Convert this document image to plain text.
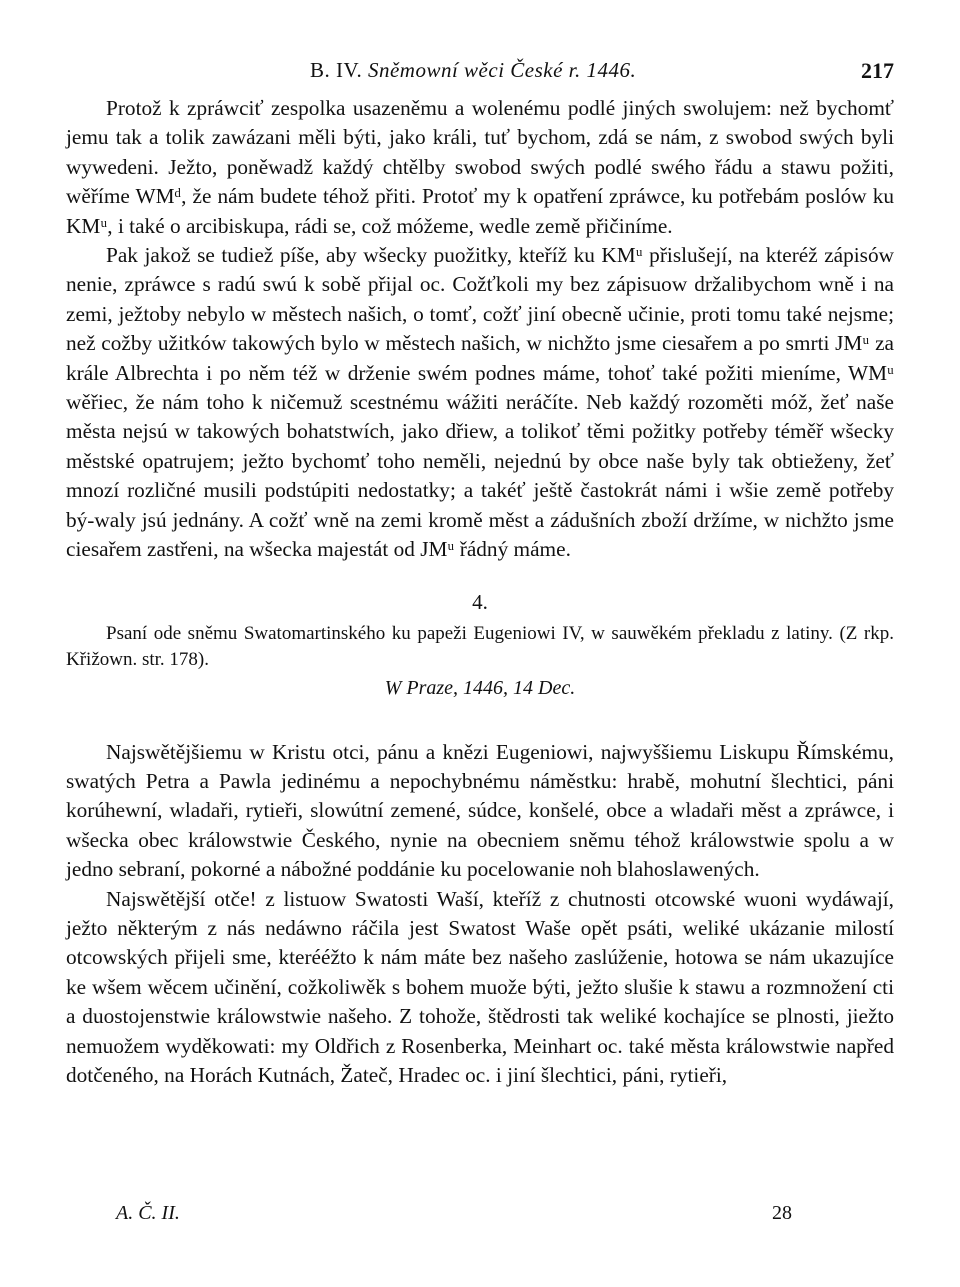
B. IV. Sněmowní wěci České r. 1446.	217

Protož k zpráwciť zespolka usazeněmu a wolenému podlé jiných swolujem: než bychomť jemu tak a tolik zawázani měli býti, jako králi, tuť bychom, zdá se nám, z swobod swých byli wywedeni. Ježto, poněwadž každý chtělby swobod swých podlé swého řádu a stawu požiti, wěříme WMᵈ, že nám budete téhož přiti. Protoť my k opatření zpráwce, ku potřebám poslów ku KMᵘ, i také o arcibiskupa, rádi se, což móžeme, wedle země přičiníme.

Pak jakož se tudiež píše, aby wšecky puožitky, kteříž ku KMᵘ přislušejí, na kteréž zápisów nenie, zpráwce s radú swú k sobě přijal oc. Cožťkoli my bez zápisuow držalibychom wně i na zemi, ježtoby nebylo w městech našich, o tomť, cožť jiní obecně učinie, proti tomu také nejsme; než cožby užitków takowých bylo w městech našich, w nichžto jsme ciesařem a po smrti JMᵘ za krále Albrechta i po něm též w drženie swém podnes máme, tohoť také požiti mieníme, WMᵘ wěřiec, že nám toho k ničemuž scestnému wážiti neráčíte. Neb každý rozoměti móž, žeť naše města nejsú w takowých bohatstwích, jako dřiew, a tolikoť těmi požitky potřeby téměř wšecky městské opatrujem; ježto bychomť toho neměli, nejednú by obce naše byly tak obtieženy, žeť mnozí rozličné musili podstúpiti nedostatky; a takéť ještě častokrát námi i wšie země potřeby bý-waly jsú jednány. A cožť wně na zemi kromě měst a zádušních zboží držíme, w nichžto jsme ciesařem zastřeni, na wšecka majestát od JMᵘ řádný máme.

4.

Psaní ode sněmu Swatomartinského ku papeži Eugeniowi IV, w sauwěkém překladu z latiny. (Z rkp. Křižown. str. 178).

W Praze, 1446, 14 Dec.

Najswětějšiemu w Kristu otci, pánu a knězi Eugeniowi, najwyššiemu Liskupu Římskému, swatých Petra a Pawla jedinému a nepochybnému náměstku: hrabě, mohutní šlechtici, páni korúhewní, wladaři, rytieři, slowútní zemené, súdce, konšelé, obce a wladaři měst a zpráwce, i wšecka obec králowstwie Českého, nynie na obecniem sněmu téhož králowstwie spolu a w jedno sebraní, pokorné a nábožné poddánie ku pocelowanie noh blahoslawených.

Najswětější otče! z listuow Swatosti Waší, kteříž z chutnosti otcowské wuoni wydáwají, ježto některým z nás nedáwno ráčila jest Swatost Waše opět psáti, weliké ukázanie milostí otcowských přijeli sme, kterééžto k nám máte bez našeho zaslúženie, hotowa se nám ukazujíce ke wšem wěcem učinění, cožkoliwěk s bohem muože býti, ježto slušie k stawu a rozmnožení cti a duostojenstwie králowstwie našeho. Z tohože, štědrosti tak weliké kochajíce se plnosti, jiežto nemuožem wyděkowati: my Oldřich z Rosenberka, Meinhart oc. také města králowstwie napřed dotčeného, na Horách Kutnách, Žateč, Hradec oc. i jiní šlechtici, páni, rytieři,

A. Č. II.	28
